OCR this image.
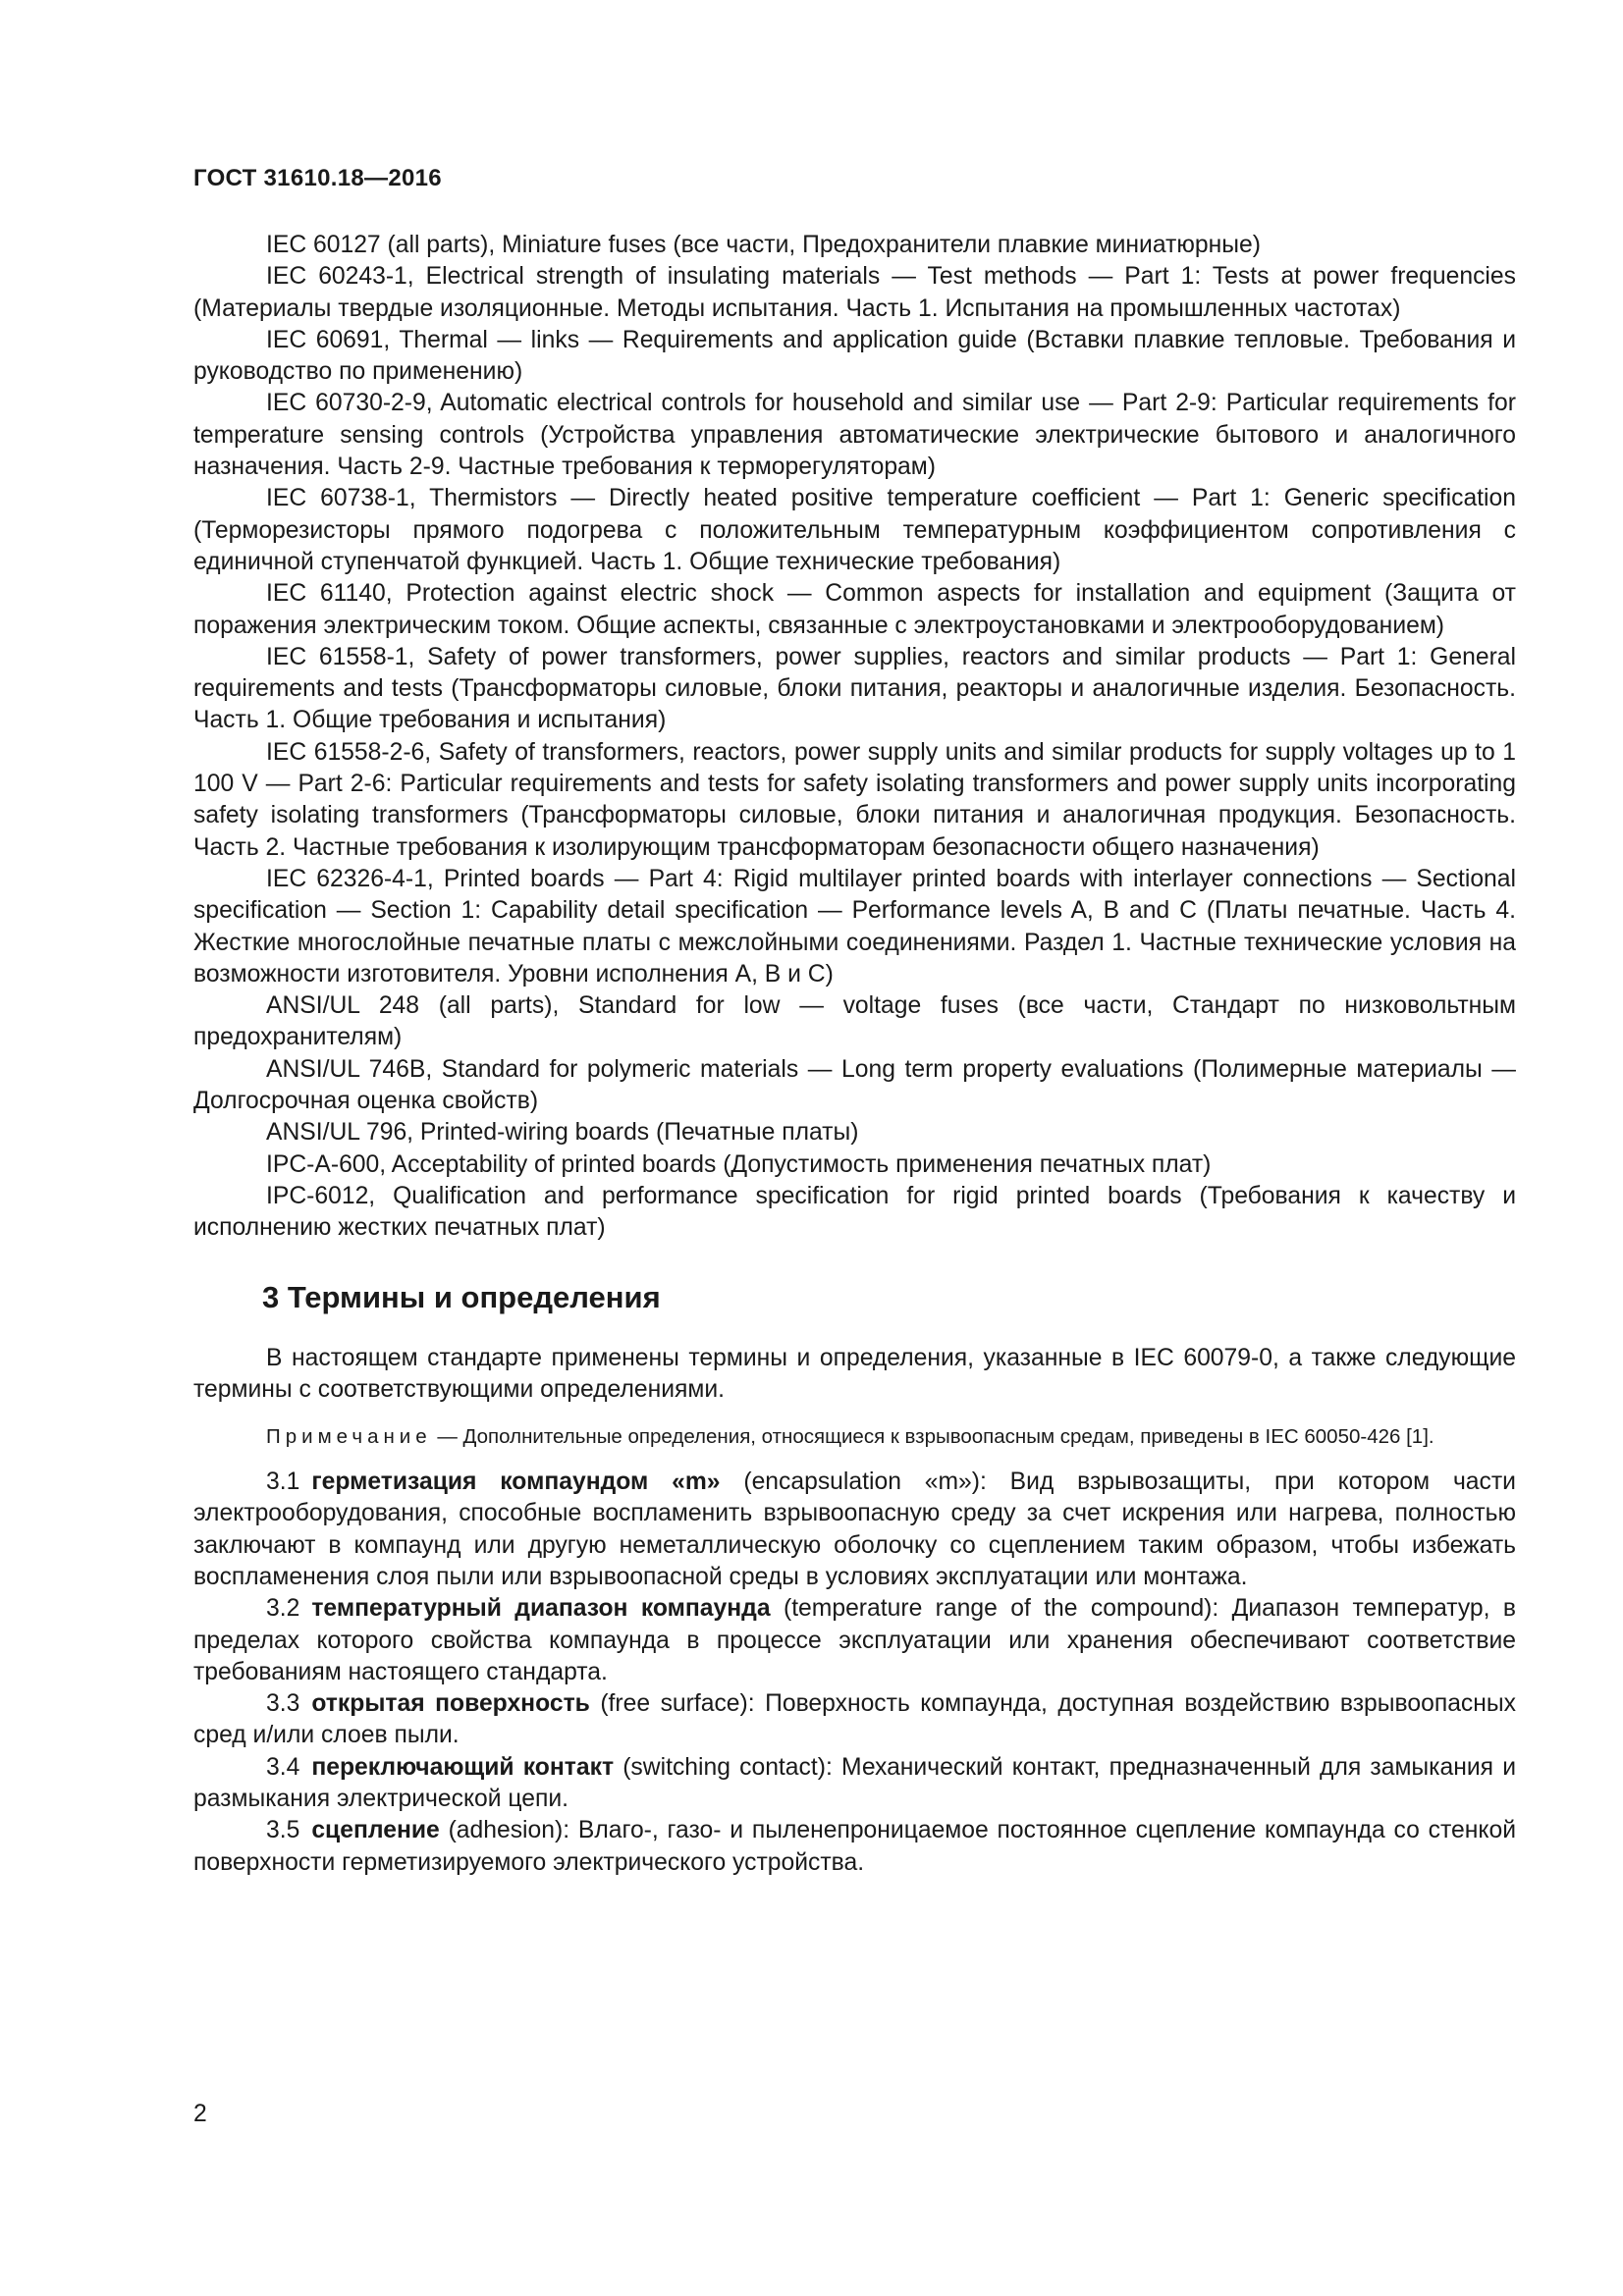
ГОСТ 31610.18—2016

IEC 60127 (all parts), Miniature fuses (все части, Предохранители плавкие миниатюрные)

IEC 60243-1, Electrical strength of insulating materials — Test methods — Part 1: Tests at power frequencies (Материалы твердые изоляционные. Методы испытания. Часть 1. Испытания на промышленных частотах)

IEC 60691, Thermal — links — Requirements and application guide (Вставки плавкие тепловые. Требования и руководство по применению)

IEC 60730-2-9, Automatic electrical controls for household and similar use — Part 2-9: Particular requirements for temperature sensing controls (Устройства управления автоматические электрические бытового и аналогичного назначения. Часть 2-9. Частные требования к терморегуляторам)

IEC 60738-1, Thermistors — Directly heated positive temperature coefficient — Part 1: Generic specification (Терморезисторы прямого подогрева с положительным температурным коэффициентом сопротивления с единичной ступенчатой функцией. Часть 1. Общие технические требования)

IEC 61140, Protection against electric shock — Common aspects for installation and equipment (Защита от поражения электрическим током. Общие аспекты, связанные с электроустановками и электрооборудованием)

IEC 61558-1, Safety of power transformers, power supplies, reactors and similar products — Part 1: General requirements and tests (Трансформаторы силовые, блоки питания, реакторы и аналогичные изделия. Безопасность. Часть 1. Общие требования и испытания)

IEC 61558-2-6, Safety of transformers, reactors, power supply units and similar products for supply voltages up to 1 100 V — Part 2-6: Particular requirements and tests for safety isolating transformers and power supply units incorporating safety isolating transformers (Трансформаторы силовые, блоки питания и аналогичная продукция. Безопасность. Часть 2. Частные требования к изолирующим трансформаторам безопасности общего назначения)

IEC 62326-4-1, Printed boards — Part 4: Rigid multilayer printed boards with interlayer connections — Sectional specification — Section 1: Capability detail specification — Performance levels A, B and C (Платы печатные. Часть 4. Жесткие многослойные печатные платы с межслойными соединениями. Раздел 1. Частные технические условия на возможности изготовителя. Уровни исполнения А, В и С)

ANSI/UL 248 (all parts), Standard for low — voltage fuses (все части, Стандарт по низковольтным предохранителям)

ANSI/UL 746B, Standard for polymeric materials — Long term property evaluations (Полимерные материалы — Долгосрочная оценка свойств)

ANSI/UL 796, Printed-wiring boards (Печатные платы)

IPC-A-600, Acceptability of printed boards (Допустимость применения печатных плат)

IPC-6012, Qualification and performance specification for rigid printed boards (Требования к качеству и исполнению жестких печатных плат)

3 Термины и определения

В настоящем стандарте применены термины и определения, указанные в IEC 60079-0, а также следующие термины с соответствующими определениями.

Примечание — Дополнительные определения, относящиеся к взрывоопасным средам, приведены в IEC 60050-426 [1].

3.1 герметизация компаундом «m» (encapsulation «m»): Вид взрывозащиты, при котором части электрооборудования, способные воспламенить взрывоопасную среду за счет искрения или нагрева, полностью заключают в компаунд или другую неметаллическую оболочку со сцеплением таким образом, чтобы избежать воспламенения слоя пыли или взрывоопасной среды в условиях эксплуатации или монтажа.

3.2 температурный диапазон компаунда (temperature range of the compound): Диапазон температур, в пределах которого свойства компаунда в процессе эксплуатации или хранения обеспечивают соответствие требованиям настоящего стандарта.

3.3 открытая поверхность (free surface): Поверхность компаунда, доступная воздействию взрывоопасных сред и/или слоев пыли.

3.4 переключающий контакт (switching contact): Механический контакт, предназначенный для замыкания и размыкания электрической цепи.

3.5 сцепление (adhesion): Влаго-, газо- и пыленепроницаемое постоянное сцепление компаунда со стенкой поверхности герметизируемого электрического устройства.

2
